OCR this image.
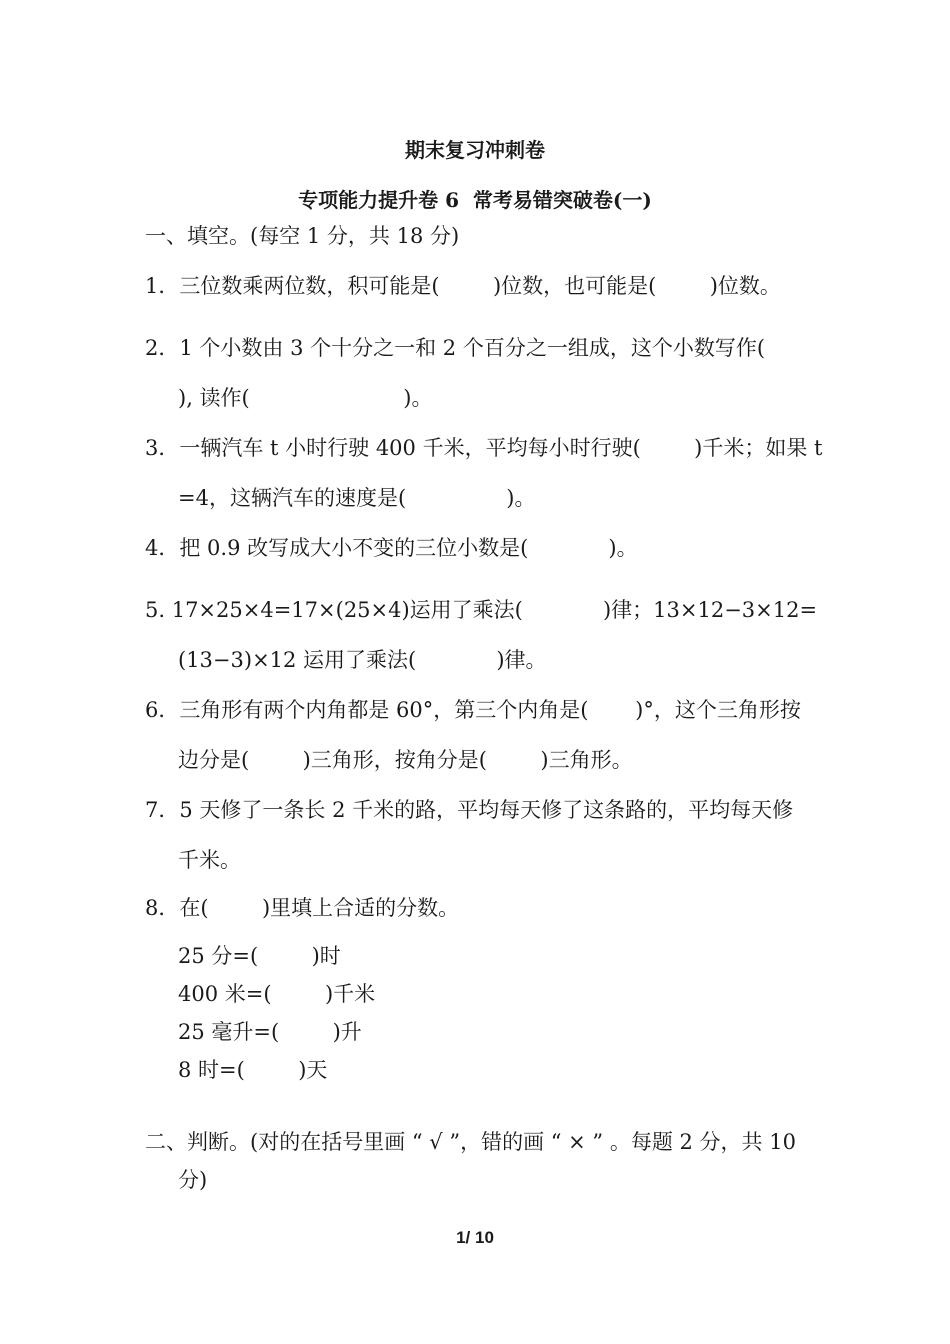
期末复习冲刺卷
专项能力提升卷 6  常考易错突破卷(一)
一、填空。(每空 1 分，共 18 分)
1．三位数乘两位数，积可能是(        )位数，也可能是(        )位数。
2．1 个小数由 3 个十分之一和 2 个百分之一组成，这个小数写作(
), 读作(                       )。
3．一辆汽车 t 小时行驶 400 千米，平均每小时行驶(        )千米；如果 t
=4，这辆汽车的速度是(               )。
4．把 0.9 改写成大小不变的三位小数是(            )。
5. 17×25×4=17×(25×4)运用了乘法(            )律；13×12−3×12=
(13−3)×12 运用了乘法(            )律。
6．三角形有两个内角都是 60°，第三个内角是(       )°，这个三角形按
边分是(        )三角形，按角分是(        )三角形。
7．5 天修了一条长 2 千米的路，平均每天修了这条路的，平均每天修
千米。
8．在(        )里填上合适的分数。
25 分=(        )时
400 米=(        )千米
25 毫升=(        )升
8 时=(        )天
二、判断。(对的在括号里画 “ √ ”，错的画 “ × ” 。每题 2 分，共 10
分)
1/ 10
